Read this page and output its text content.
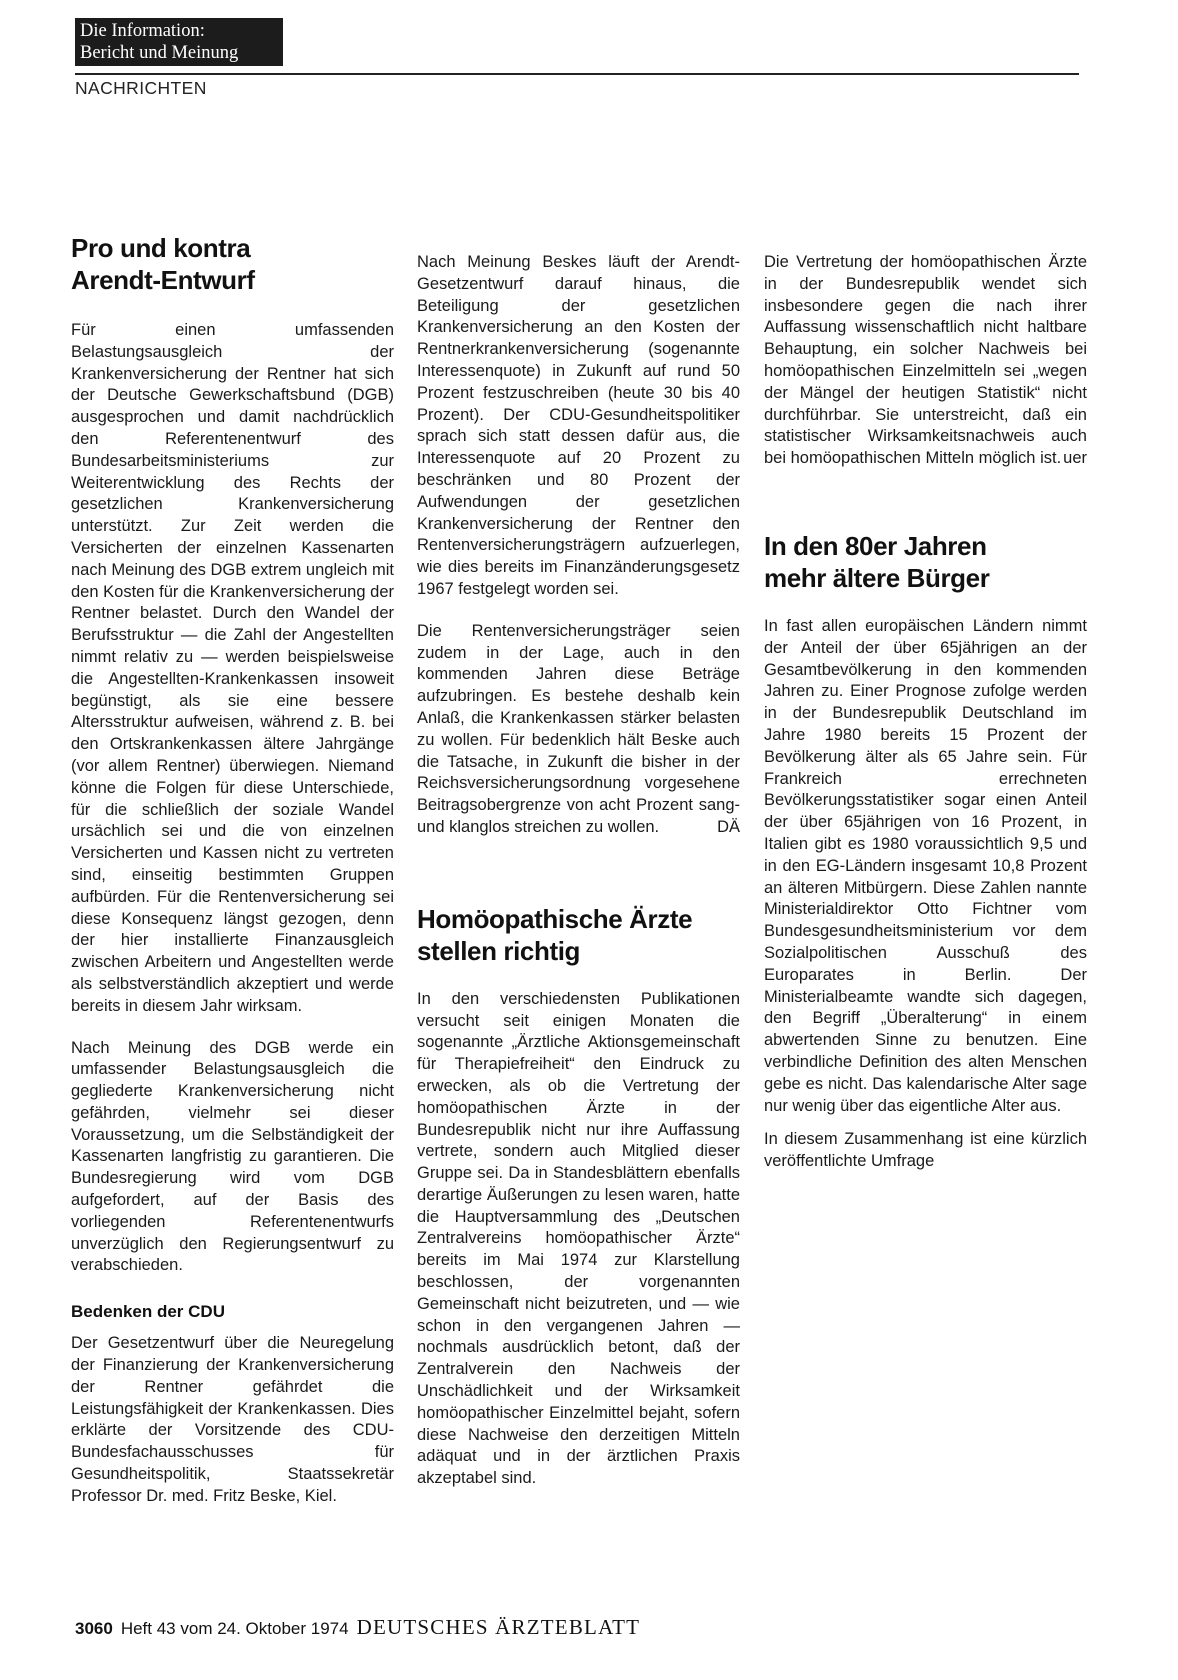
Die Information:
Bericht und Meinung
NACHRICHTEN
Pro und kontra
Arendt-Entwurf

Für einen umfassenden Belastungsausgleich der Krankenversicherung der Rentner hat sich der Deutsche Gewerkschaftsbund (DGB) ausgesprochen und damit nachdrücklich den Referentenentwurf des Bundesarbeitsministeriums zur Weiterentwicklung des Rechts der gesetzlichen Krankenversicherung unterstützt. Zur Zeit werden die Versicherten der einzelnen Kassenarten nach Meinung des DGB extrem ungleich mit den Kosten für die Krankenversicherung der Rentner belastet. Durch den Wandel der Berufsstruktur — die Zahl der Angestellten nimmt relativ zu — werden beispielsweise die Angestellten-Krankenkassen insoweit begünstigt, als sie eine bessere Altersstruktur aufweisen, während z. B. bei den Ortskrankenkassen ältere Jahrgänge (vor allem Rentner) überwiegen. Niemand könne die Folgen für diese Unterschiede, für die schließlich der soziale Wandel ursächlich sei und die von einzelnen Versicherten und Kassen nicht zu vertreten sind, einseitig bestimmten Gruppen aufbürden. Für die Rentenversicherung sei diese Konsequenz längst gezogen, denn der hier installierte Finanzausgleich zwischen Arbeitern und Angestellten werde als selbstverständlich akzeptiert und werde bereits in diesem Jahr wirksam.

Nach Meinung des DGB werde ein umfassender Belastungsausgleich die gegliederte Krankenversicherung nicht gefährden, vielmehr sei dieser Voraussetzung, um die Selbständigkeit der Kassenarten langfristig zu garantieren. Die Bundesregierung wird vom DGB aufgefordert, auf der Basis des vorliegenden Referentenentwurfs unverzüglich den Regierungsentwurf zu verabschieden.

Bedenken der CDU

Der Gesetzentwurf über die Neuregelung der Finanzierung der Krankenversicherung der Rentner gefährdet die Leistungsfähigkeit der Krankenkassen. Dies erklärte der Vorsitzende des CDU-Bundesfachausschusses für Gesundheitspolitik, Staatssekretär Professor Dr. med. Fritz Beske, Kiel.

Nach Meinung Beskes läuft der Arendt-Gesetzentwurf darauf hinaus, die Beteiligung der gesetzlichen Krankenversicherung an den Kosten der Rentnerkrankenversicherung (sogenannte Interessenquote) in Zukunft auf rund 50 Prozent festzuschreiben (heute 30 bis 40 Prozent). Der CDU-Gesundheitspolitiker sprach sich statt dessen dafür aus, die Interessenquote auf 20 Prozent zu beschränken und 80 Prozent der Aufwendungen der gesetzlichen Krankenversicherung der Rentner den Rentenversicherungsträgern aufzuerlegen, wie dies bereits im Finanzänderungsgesetz 1967 festgelegt worden sei.

Die Rentenversicherungsträger seien zudem in der Lage, auch in den kommenden Jahren diese Beträge aufzubringen. Es bestehe deshalb kein Anlaß, die Krankenkassen stärker belasten zu wollen. Für bedenklich hält Beske auch die Tatsache, in Zukunft die bisher in der Reichsversicherungsordnung vorgesehene Beitragsobergrenze von acht Prozent sang- und klanglos streichen zu wollen.	DÄ

Homöopathische Ärzte
stellen richtig

In den verschiedensten Publikationen versucht seit einigen Monaten die sogenannte „Ärztliche Aktionsgemeinschaft für Therapiefreiheit“ den Eindruck zu erwecken, als ob die Vertretung der homöopathischen Ärzte in der Bundesrepublik nicht nur ihre Auffassung vertrete, sondern auch Mitglied dieser Gruppe sei. Da in Standesblättern ebenfalls derartige Äußerungen zu lesen waren, hatte die Hauptversammlung des „Deutschen Zentralvereins homöopathischer Ärzte“ bereits im Mai 1974 zur Klarstellung beschlossen, der vorgenannten Gemeinschaft nicht beizutreten, und — wie schon in den vergangenen Jahren — nochmals ausdrücklich betont, daß der Zentralverein den Nachweis der Unschädlichkeit und der Wirksamkeit homöopathischer Einzelmittel bejaht, sofern diese Nachweise den derzeitigen Mitteln adäquat und in der ärztlichen Praxis akzeptabel sind.

Die Vertretung der homöopathischen Ärzte in der Bundesrepublik wendet sich insbesondere gegen die nach ihrer Auffassung wissenschaftlich nicht haltbare Behauptung, ein solcher Nachweis bei homöopathischen Einzelmitteln sei „wegen der Mängel der heutigen Statistik“ nicht durchführbar. Sie unterstreicht, daß ein statistischer Wirksamkeitsnachweis auch bei homöopathischen Mitteln möglich ist. uer

In den 80er Jahren
mehr ältere Bürger

In fast allen europäischen Ländern nimmt der Anteil der über 65jährigen an der Gesamtbevölkerung in den kommenden Jahren zu. Einer Prognose zufolge werden in der Bundesrepublik Deutschland im Jahre 1980 bereits 15 Prozent der Bevölkerung älter als 65 Jahre sein. Für Frankreich errechneten Bevölkerungsstatistiker sogar einen Anteil der über 65jährigen von 16 Prozent, in Italien gibt es 1980 voraussichtlich 9,5 und in den EG-Ländern insgesamt 10,8 Prozent an älteren Mitbürgern. Diese Zahlen nannte Ministerialdirektor Otto Fichtner vom Bundesgesundheitsministerium vor dem Sozialpolitischen Ausschuß des Europarates in Berlin. Der Ministerialbeamte wandte sich dagegen, den Begriff „Überalterung“ in einem abwertenden Sinne zu benutzen. Eine verbindliche Definition des alten Menschen gebe es nicht. Das kalendarische Alter sage nur wenig über das eigentliche Alter aus.

In diesem Zusammenhang ist eine kürzlich veröffentlichte Umfrage

3060 Heft 43 vom 24. Oktober 1974 DEUTSCHES ÄRZTEBLATT
